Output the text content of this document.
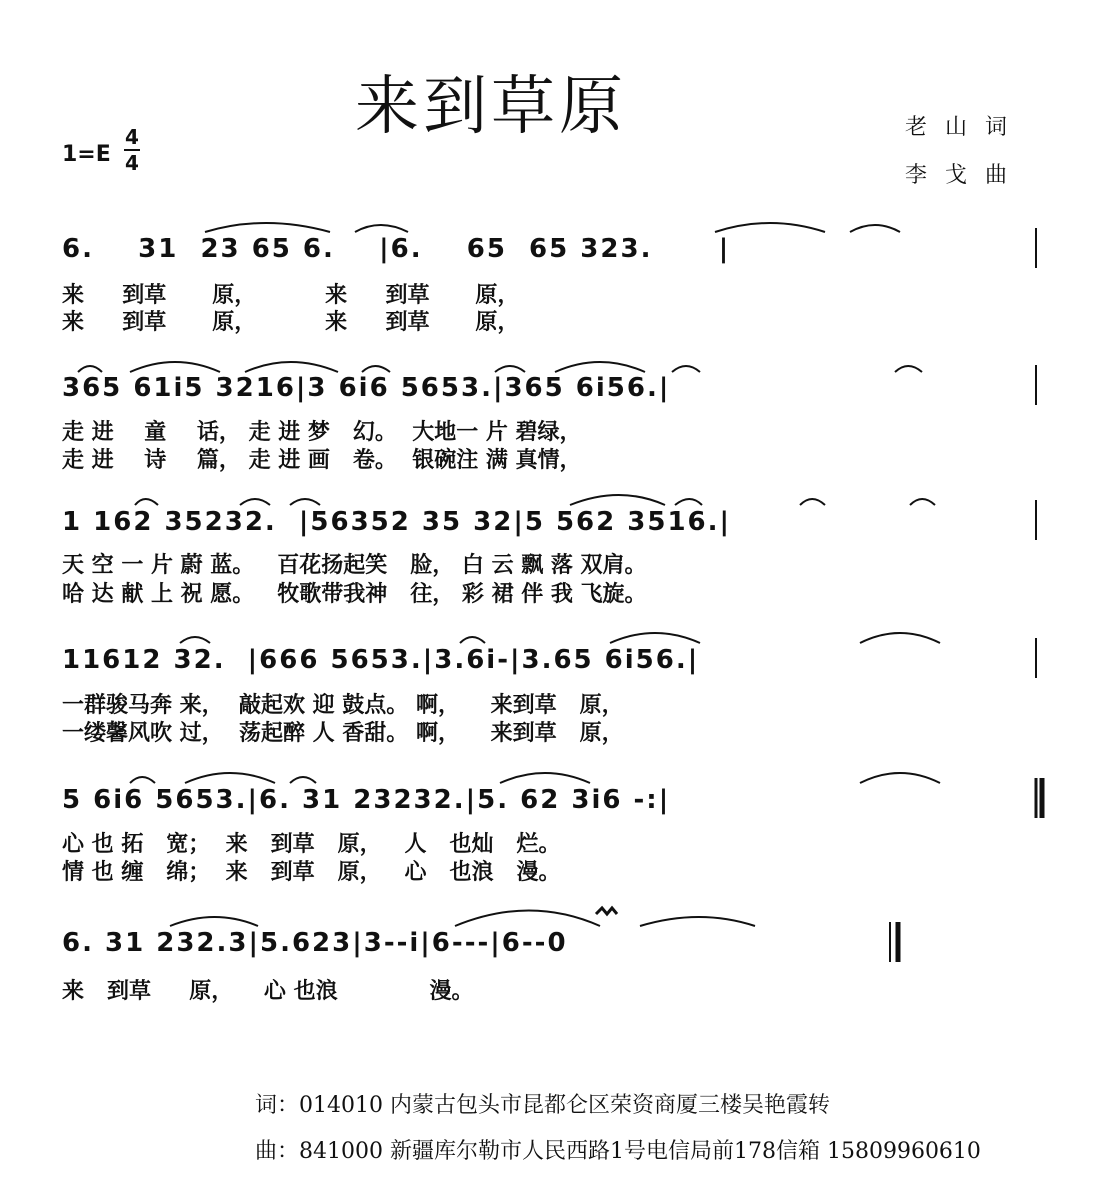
来到草原
1=E
4
4
老山词
李戈曲
6.    31  23 65 6.    |6.    65  65 323.      |
来     到草      原，         来     到草      原，
来     到草      原，         来     到草      原，
365 61i5 3216|3 6i6 5653.|365 6i56.|
走 进    童    话， 走 进 梦   幻。  大地一 片 碧绿，
走 进    诗    篇， 走 进 画   卷。  银碗注 满 真情，
1 162 35232.  |56352 35 32|5 562 3516.|
天 空 一 片 蔚 蓝。   百花扬起笑   脸， 白 云 飘 落 双肩。
哈 达 献 上 祝 愿。   牧歌带我神   往， 彩 裙 伴 我 飞旋。
11612 32.  |666 5653.|3.6i-|3.65 6i56.|
一群骏马奔 来，  敲起欢 迎 鼓点。 啊，    来到草   原，
一缕馨风吹 过，  荡起醉 人 香甜。 啊，    来到草   原，
5 6i6 5653.|6. 31 23232.|5. 62 3i6 -:|
心 也 拓   宽；  来   到草   原，   人   也灿   烂。
情 也 缠   绵；  来   到草   原，   心   也浪   漫。
6. 31 232.3|5.623|3--i|6---|6--0
来   到草     原，    心 也浪            漫。
词：014010 内蒙古包头市昆都仑区荣资商厦三楼吴艳霞转
曲：841000 新疆库尔勒市人民西路1号电信局前178信箱 15809960610
